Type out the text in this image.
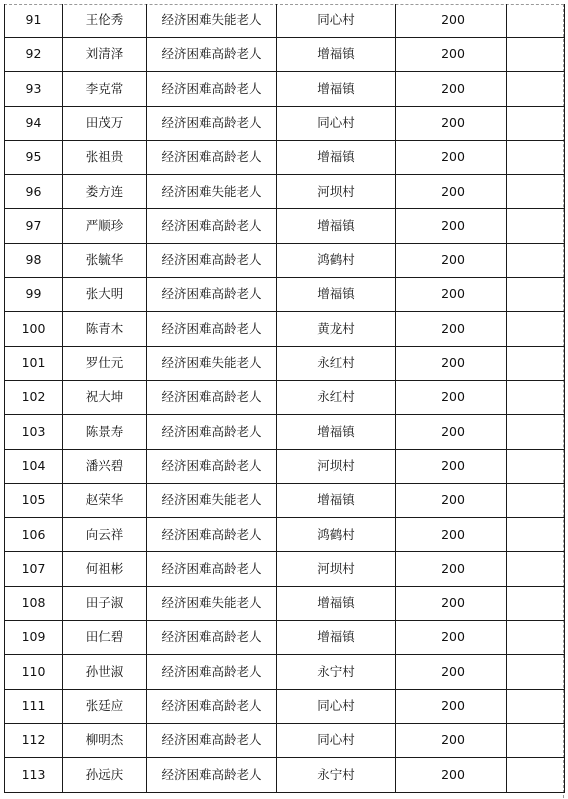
91	王伦秀	经济困难失能老人	同心村	200	
92	刘清泽	经济困难高龄老人	增福镇	200	
93	李克常	经济困难高龄老人	增福镇	200	
94	田茂万	经济困难高龄老人	同心村	200	
95	张祖贵	经济困难高龄老人	增福镇	200	
96	娄方连	经济困难失能老人	河坝村	200	
97	严顺珍	经济困难高龄老人	增福镇	200	
98	张毓华	经济困难高龄老人	鸿鹤村	200	
99	张大明	经济困难高龄老人	增福镇	200	
100	陈青木	经济困难高龄老人	黄龙村	200	
101	罗仕元	经济困难失能老人	永红村	200	
102	祝大坤	经济困难高龄老人	永红村	200	
103	陈景寿	经济困难高龄老人	增福镇	200	
104	潘兴碧	经济困难高龄老人	河坝村	200	
105	赵荣华	经济困难失能老人	增福镇	200	
106	向云祥	经济困难高龄老人	鸿鹤村	200	
107	何祖彬	经济困难高龄老人	河坝村	200	
108	田子淑	经济困难失能老人	增福镇	200	
109	田仁碧	经济困难高龄老人	增福镇	200	
110	孙世淑	经济困难高龄老人	永宁村	200	
111	张廷应	经济困难高龄老人	同心村	200	
112	柳明杰	经济困难高龄老人	同心村	200	
113	孙远庆	经济困难高龄老人	永宁村	200	
